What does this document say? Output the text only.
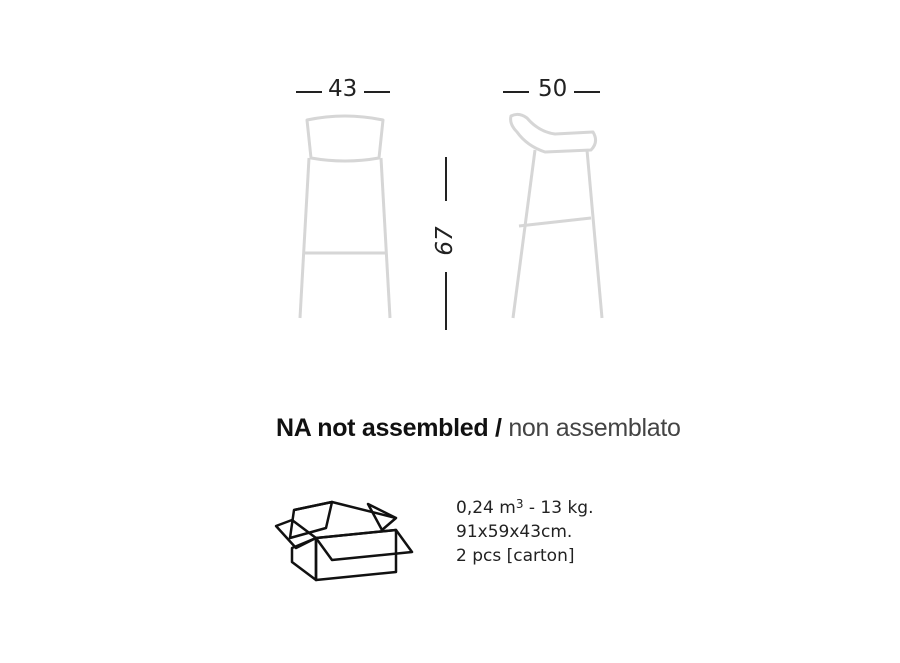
43	50
67
NA not assembled / non assemblato
0,24 $m^3 - 13$ kg.
91x59x43cm.
2 pcs [carton]
